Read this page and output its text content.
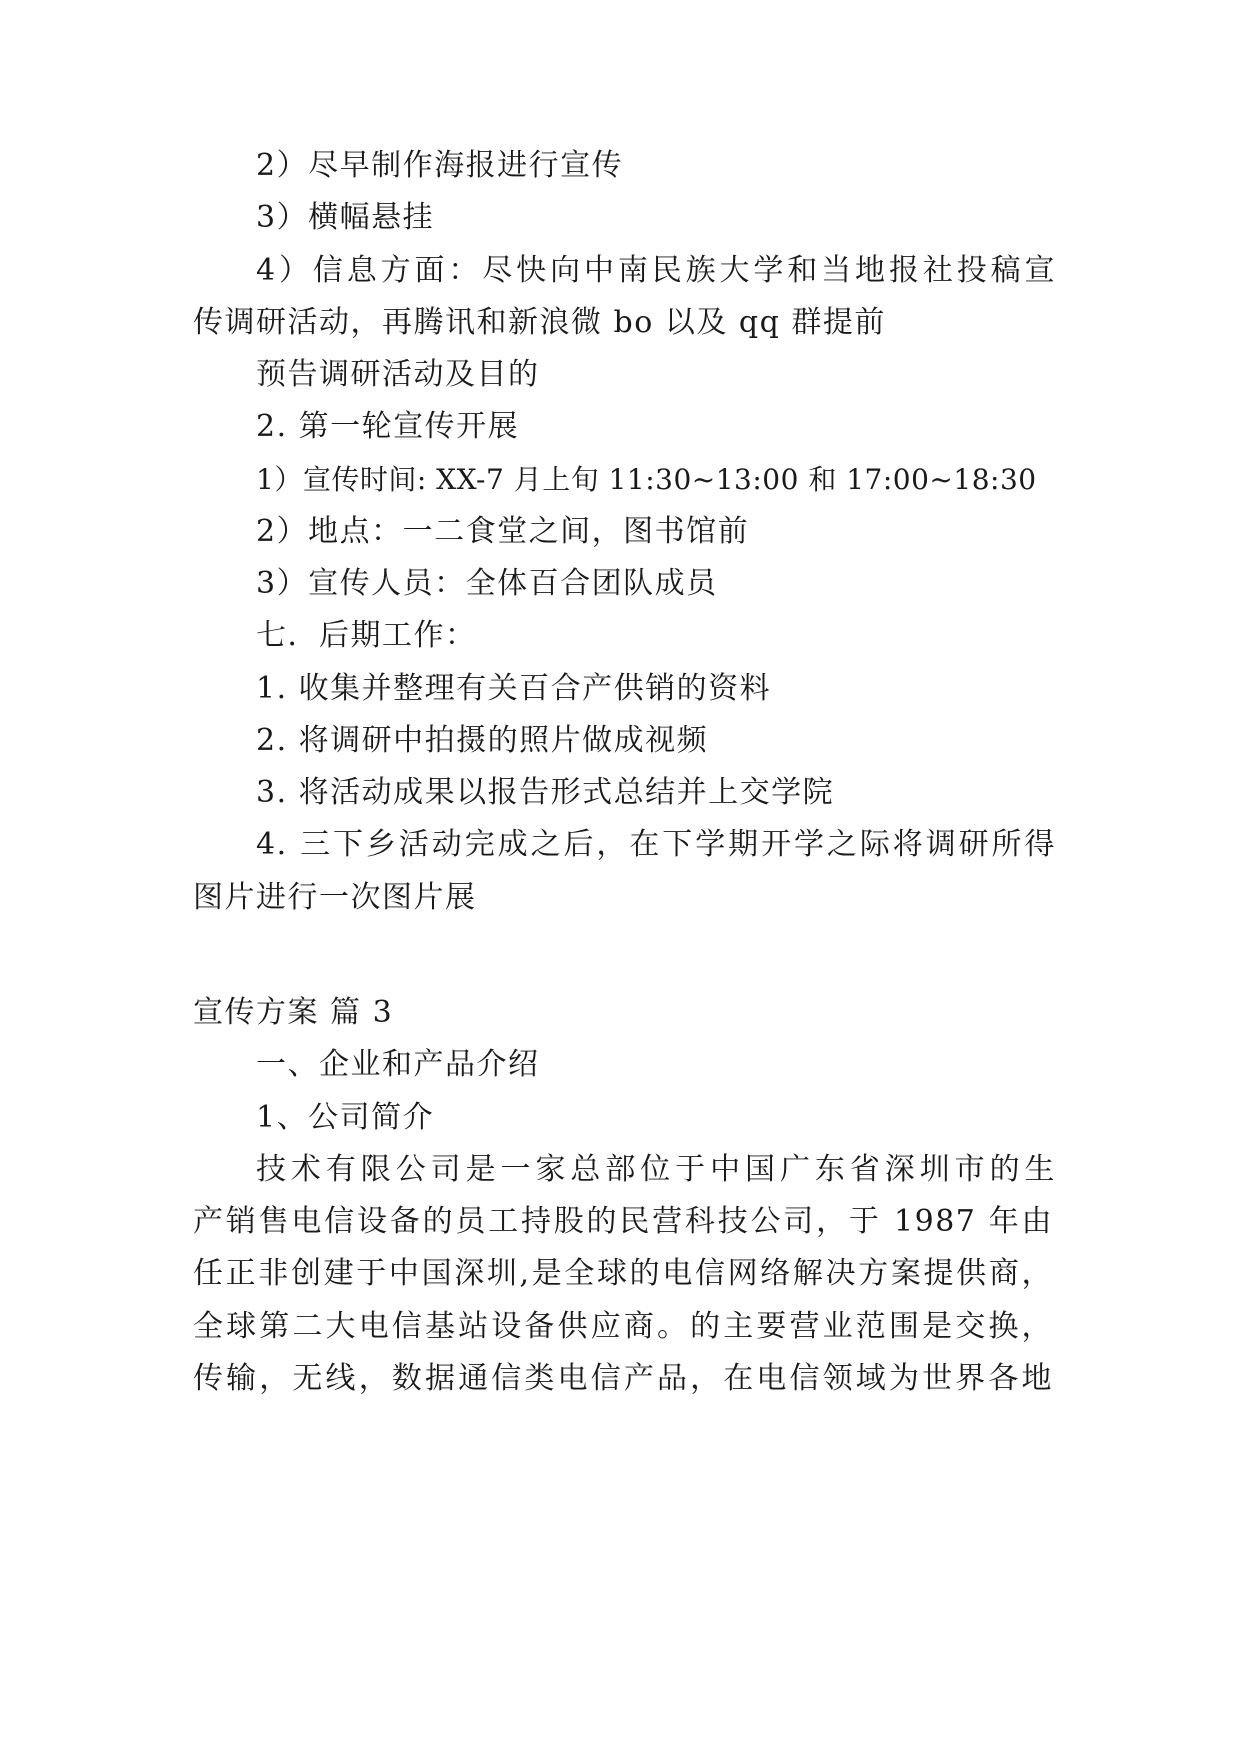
2）尽早制作海报进行宣传
3）横幅悬挂
4）信息方面：尽快向中南民族大学和当地报社投稿宣
传调研活动，再腾讯和新浪微 bo 以及 qq 群提前
预告调研活动及目的
2. 第一轮宣传开展
1）宣传时间: XX-7 月上旬 11:30~13:00 和 17:00~18:30
2）地点：一二食堂之间，图书馆前
3）宣传人员：全体百合团队成员
七．后期工作：
1. 收集并整理有关百合产供销的资料
2. 将调研中拍摄的照片做成视频
3. 将活动成果以报告形式总结并上交学院
4. 三下乡活动完成之后，在下学期开学之际将调研所得
图片进行一次图片展
宣传方案 篇 3
一、企业和产品介绍
1、公司简介
技术有限公司是一家总部位于中国广东省深圳市的生
产销售电信设备的员工持股的民营科技公司，于 1987 年由
任正非创建于中国深圳,是全球的电信网络解决方案提供商，
全球第二大电信基站设备供应商。的主要营业范围是交换，
传输，无线，数据通信类电信产品，在电信领域为世界各地
